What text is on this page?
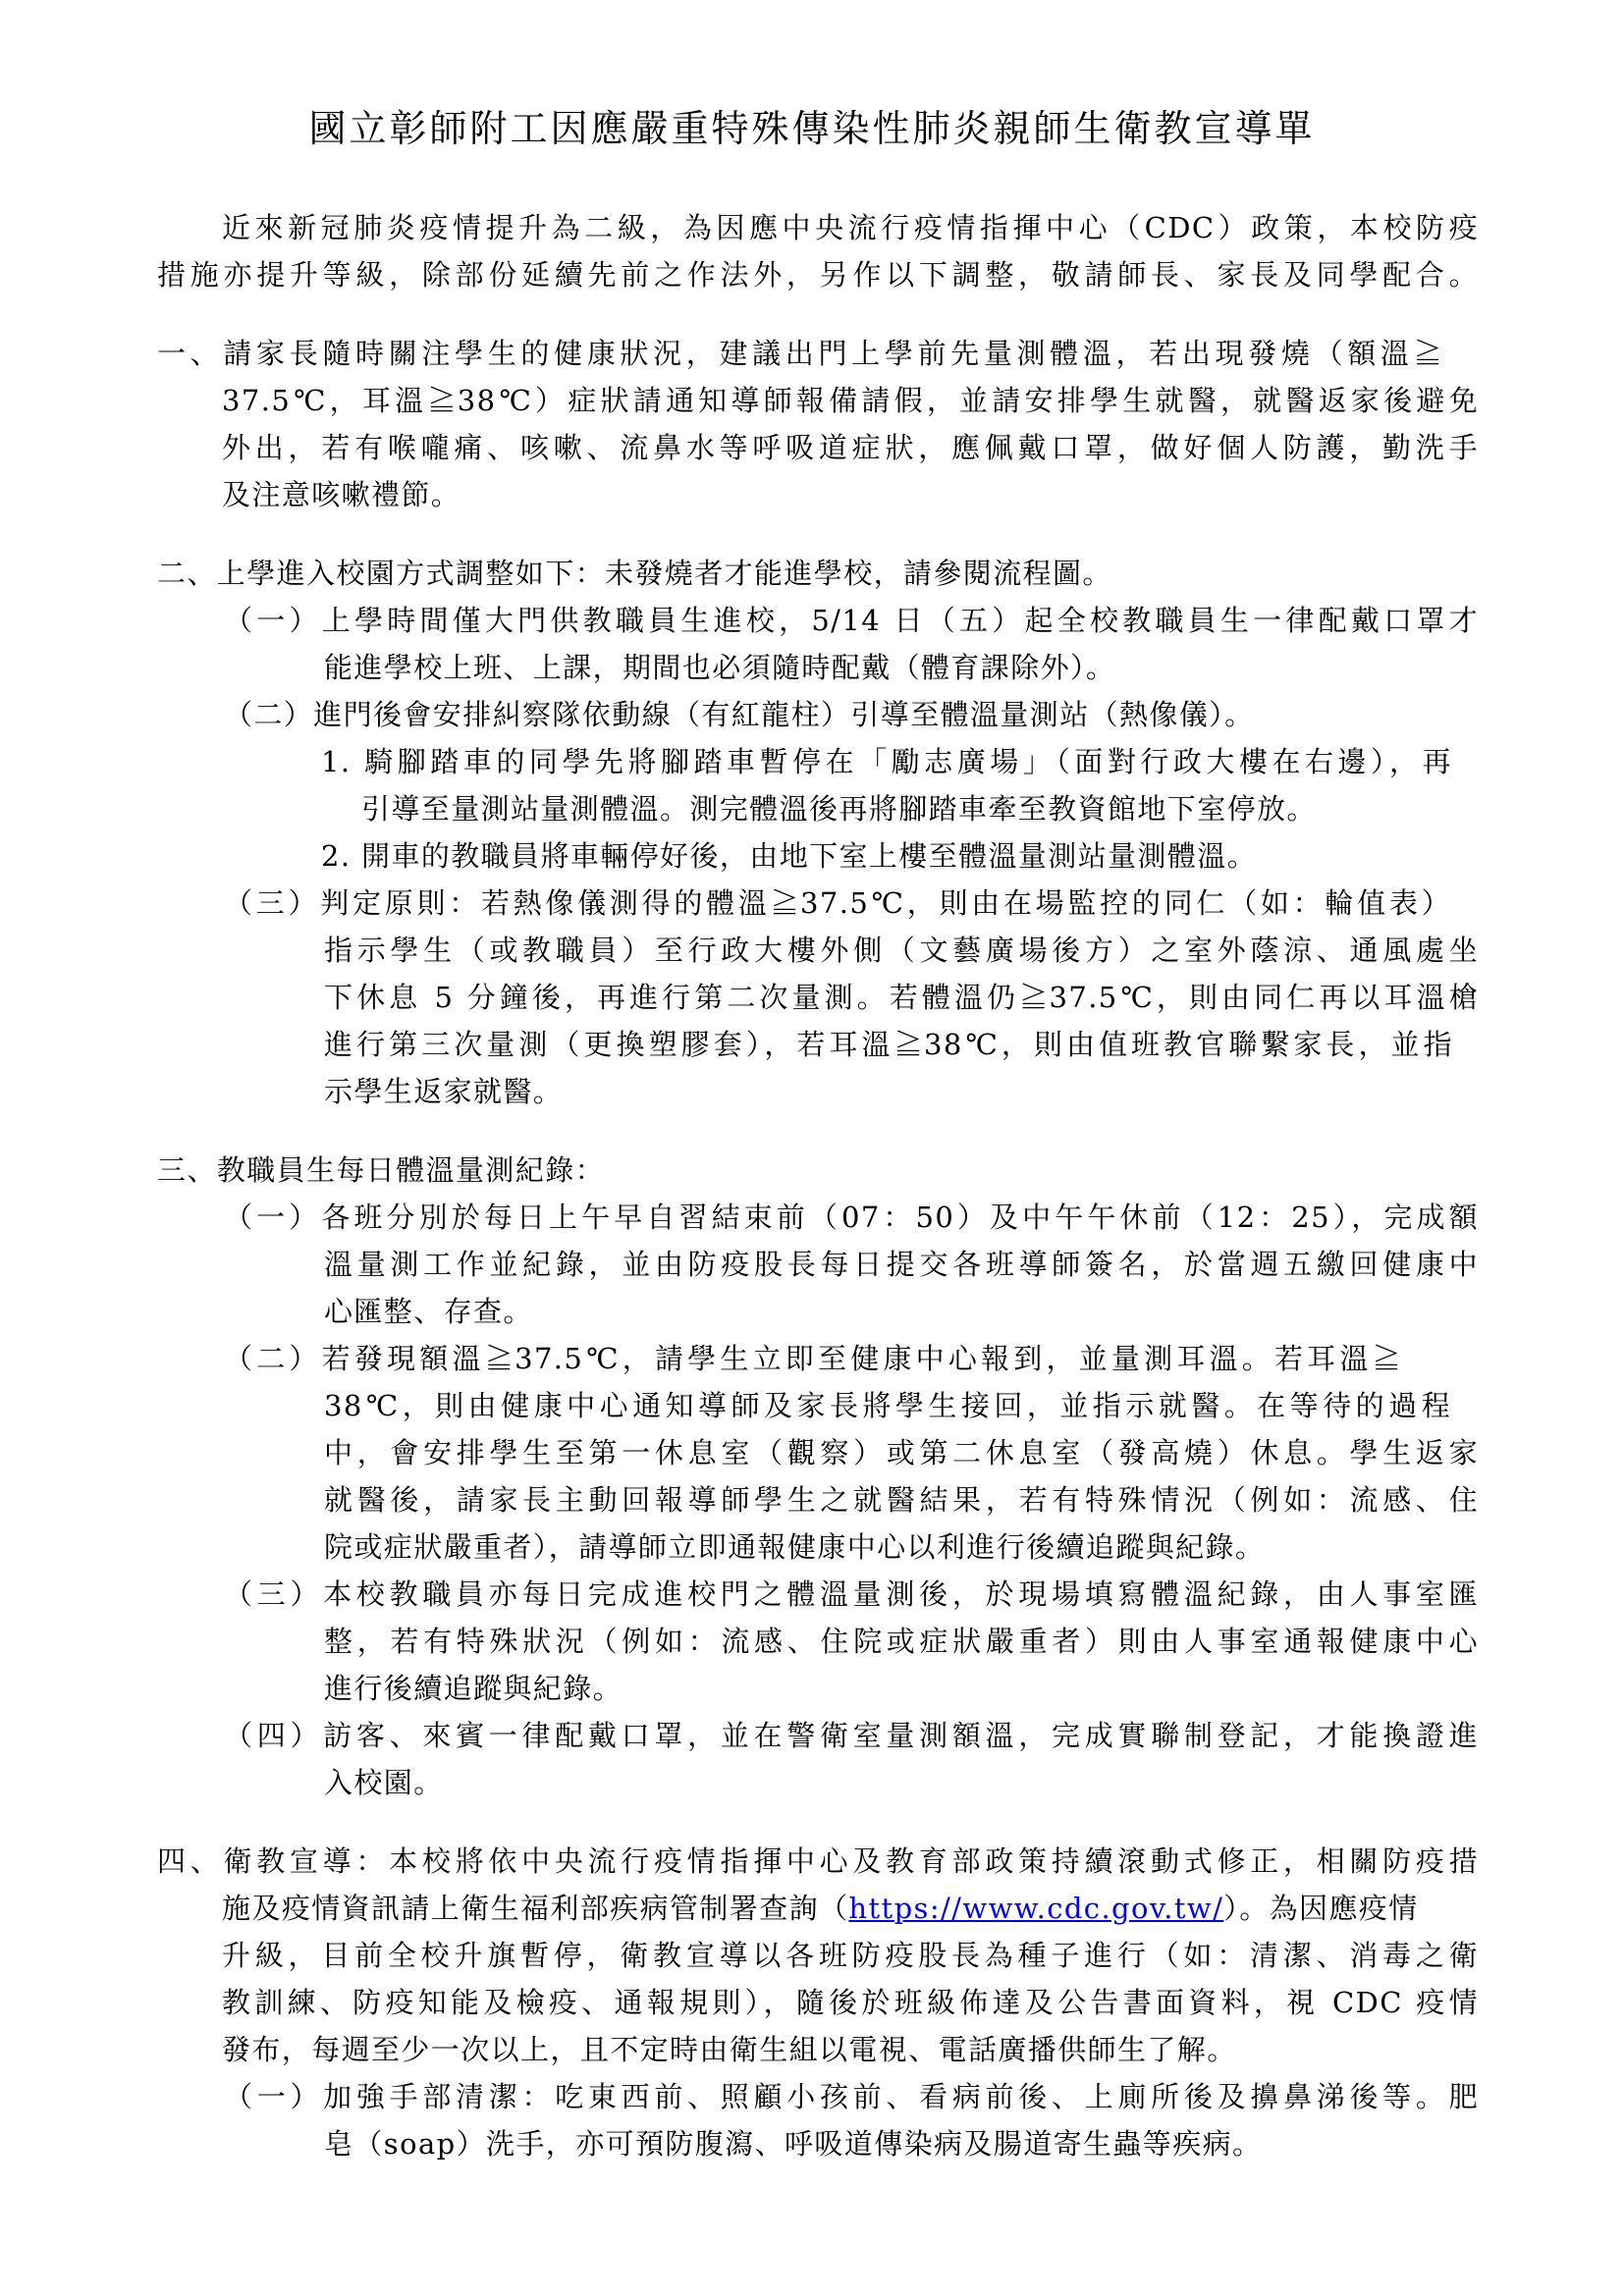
國立彰師附工因應嚴重特殊傳染性肺炎親師生衛教宣導單
近來新冠肺炎疫情提升為二級，為因應中央流行疫情指揮中心（CDC）政策，本校防疫
措施亦提升等級，除部份延續先前之作法外，另作以下調整，敬請師長、家長及同學配合。
一、請家長隨時關注學生的健康狀況，建議出門上學前先量測體溫，若出現發燒（額溫≧
37.5℃，耳溫≧38℃）症狀請通知導師報備請假，並請安排學生就醫，就醫返家後避免
外出，若有喉嚨痛、咳嗽、流鼻水等呼吸道症狀，應佩戴口罩，做好個人防護，勤洗手
及注意咳嗽禮節。
二、上學進入校園方式調整如下：未發燒者才能進學校，請參閱流程圖。
（一）上學時間僅大門供教職員生進校，5/14 日（五）起全校教職員生一律配戴口罩才
能進學校上班、上課，期間也必須隨時配戴（體育課除外）。
（二）進門後會安排糾察隊依動線（有紅龍柱）引導至體溫量測站（熱像儀）。
1. 騎腳踏車的同學先將腳踏車暫停在「勵志廣場」（面對行政大樓在右邊），再
引導至量測站量測體溫。測完體溫後再將腳踏車牽至教資館地下室停放。
2. 開車的教職員將車輛停好後，由地下室上樓至體溫量測站量測體溫。
（三）判定原則：若熱像儀測得的體溫≧37.5℃，則由在場監控的同仁（如：輪值表）
指示學生（或教職員）至行政大樓外側（文藝廣場後方）之室外蔭涼、通風處坐
下休息 5 分鐘後，再進行第二次量測。若體溫仍≧37.5℃，則由同仁再以耳溫槍
進行第三次量測（更換塑膠套），若耳溫≧38℃，則由值班教官聯繫家長，並指
示學生返家就醫。
三、教職員生每日體溫量測紀錄：
（一）各班分別於每日上午早自習結束前（07：50）及中午午休前（12：25），完成額
溫量測工作並紀錄，並由防疫股長每日提交各班導師簽名，於當週五繳回健康中
心匯整、存查。
（二）若發現額溫≧37.5℃，請學生立即至健康中心報到，並量測耳溫。若耳溫≧
38℃，則由健康中心通知導師及家長將學生接回，並指示就醫。在等待的過程
中，會安排學生至第一休息室（觀察）或第二休息室（發高燒）休息。學生返家
就醫後，請家長主動回報導師學生之就醫結果，若有特殊情況（例如：流感、住
院或症狀嚴重者），請導師立即通報健康中心以利進行後續追蹤與紀錄。
（三）本校教職員亦每日完成進校門之體溫量測後，於現場填寫體溫紀錄，由人事室匯
整，若有特殊狀況（例如：流感、住院或症狀嚴重者）則由人事室通報健康中心
進行後續追蹤與紀錄。
（四）訪客、來賓一律配戴口罩，並在警衛室量測額溫，完成實聯制登記，才能換證進
入校園。
四、衛教宣導：本校將依中央流行疫情指揮中心及教育部政策持續滾動式修正，相關防疫措
施及疫情資訊請上衛生福利部疾病管制署查詢（https://www.cdc.gov.tw/）。為因應疫情
升級，目前全校升旗暫停，衛教宣導以各班防疫股長為種子進行（如：清潔、消毒之衛
教訓練、防疫知能及檢疫、通報規則），隨後於班級佈達及公告書面資料，視 CDC 疫情
發布，每週至少一次以上，且不定時由衛生組以電視、電話廣播供師生了解。
（一）加強手部清潔：吃東西前、照顧小孩前、看病前後、上廁所後及擤鼻涕後等。肥
皂（soap）洗手，亦可預防腹瀉、呼吸道傳染病及腸道寄生蟲等疾病。
